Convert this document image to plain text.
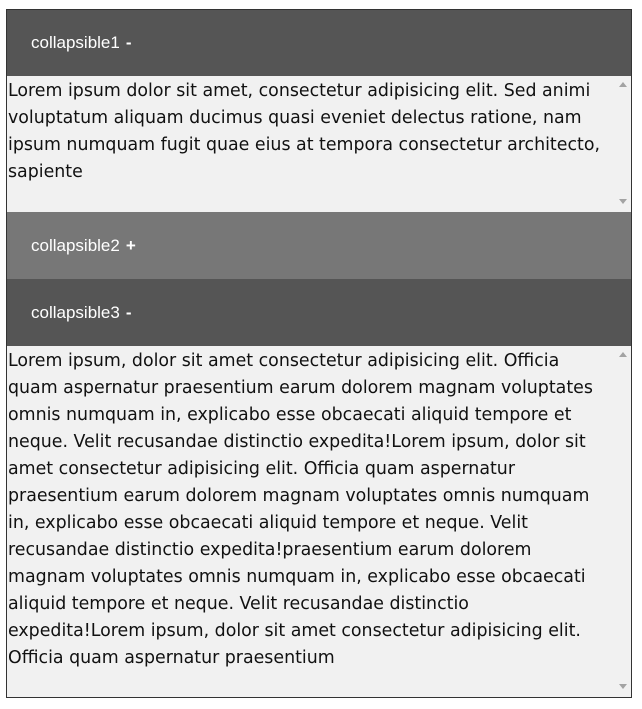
collapsible1 -

Lorem ipsum dolor sit amet, consectetur adipisicing elit. Sed animi voluptatum aliquam ducimus quasi eveniet delectus ratione, nam ipsum numquam fugit quae eius at tempora consectetur architecto, sapiente

collapsible2 +
collapsible3 -

Lorem ipsum, dolor sit amet consectetur adipisicing elit. Officia quam aspernatur praesentium earum dolorem magnam voluptates omnis numquam in, explicabo esse obcaecati aliquid tempore et neque. Velit recusandae distinctio expedita!Lorem ipsum, dolor sit amet consectetur adipisicing elit. Officia quam aspernatur praesentium earum dolorem magnam voluptates omnis numquam in, explicabo esse obcaecati aliquid tempore et neque. Velit recusandae distinctio expedita!praesentium earum dolorem magnam voluptates omnis numquam in, explicabo esse obcaecati aliquid tempore et neque. Velit recusandae distinctio expedita!Lorem ipsum, dolor sit amet consectetur adipisicing elit. Officia quam aspernatur praesentium
